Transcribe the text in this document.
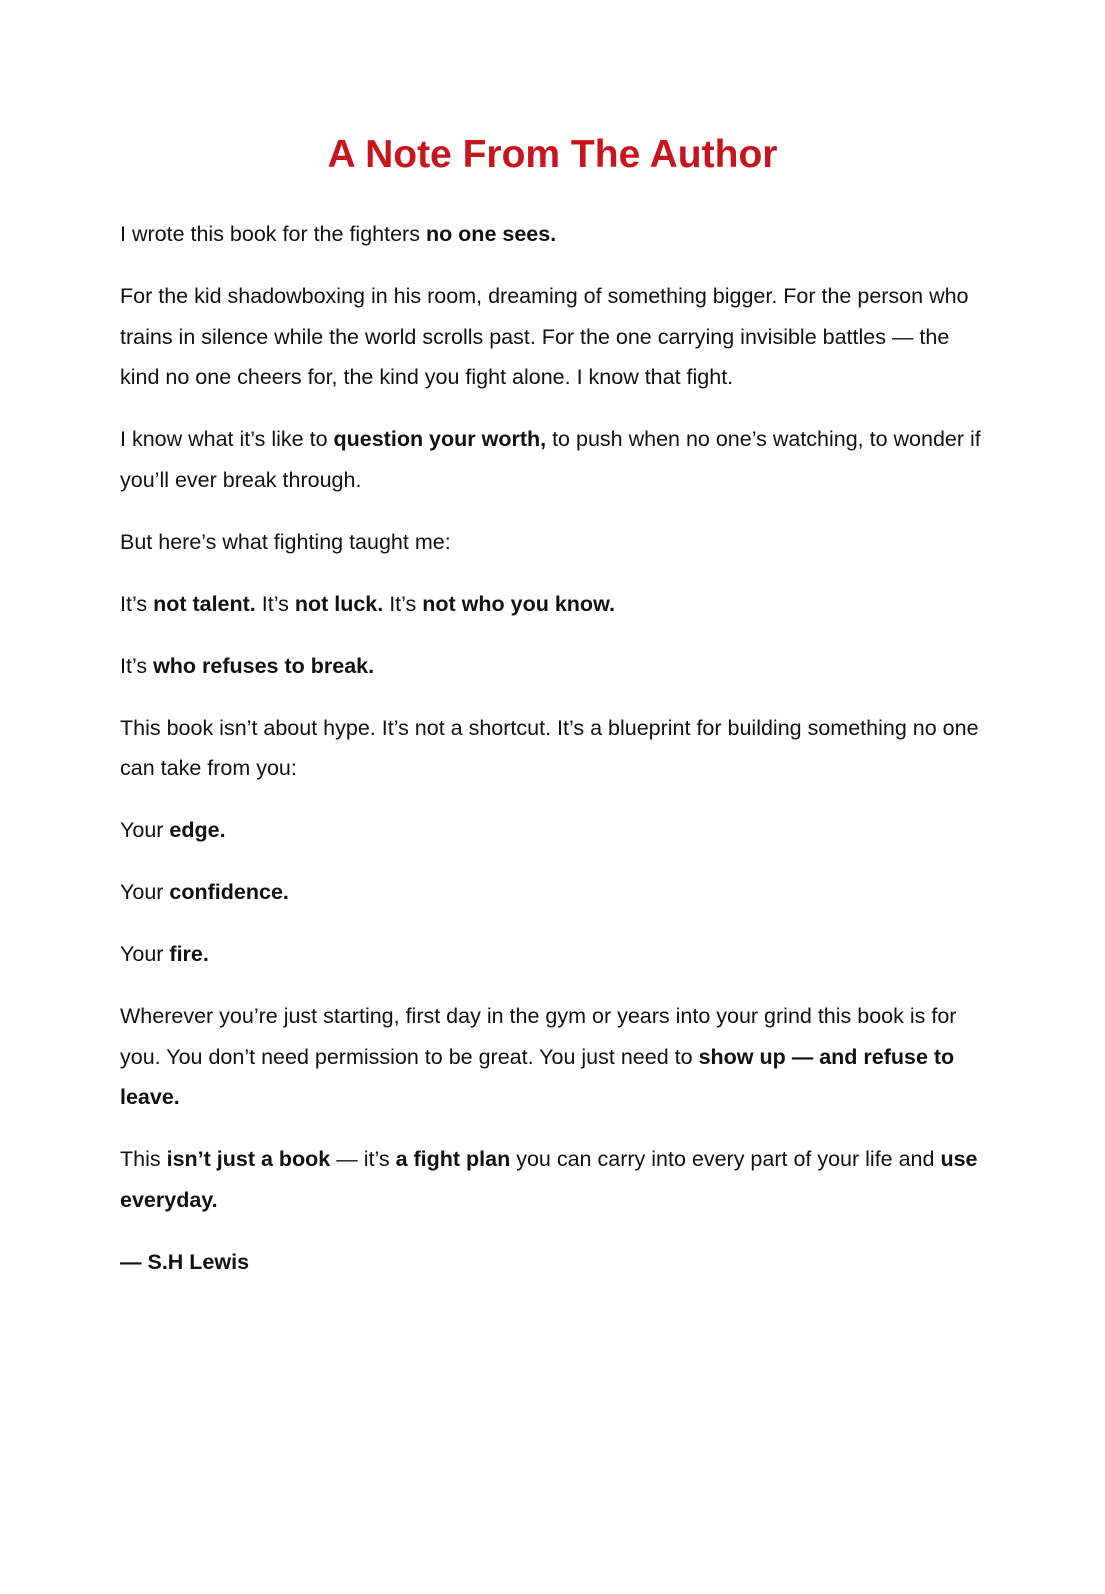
A Note From The Author

I wrote this book for the fighters no one sees.

For the kid shadowboxing in his room, dreaming of something bigger. For the person who trains in silence while the world scrolls past. For the one carrying invisible battles — the kind no one cheers for, the kind you fight alone. I know that fight.

I know what it’s like to question your worth, to push when no one’s watching, to wonder if you’ll ever break through.

But here’s what fighting taught me:

It’s not talent. It’s not luck. It’s not who you know.

It’s who refuses to break.

This book isn’t about hype. It’s not a shortcut. It’s a blueprint for building something no one can take from you:

Your edge.

Your confidence.

Your fire.

Wherever you’re just starting, first day in the gym or years into your grind this book is for you. You don’t need permission to be great. You just need to show up — and refuse to leave.

This isn’t just a book — it’s a fight plan you can carry into every part of your life and use everyday.

— S.H Lewis
